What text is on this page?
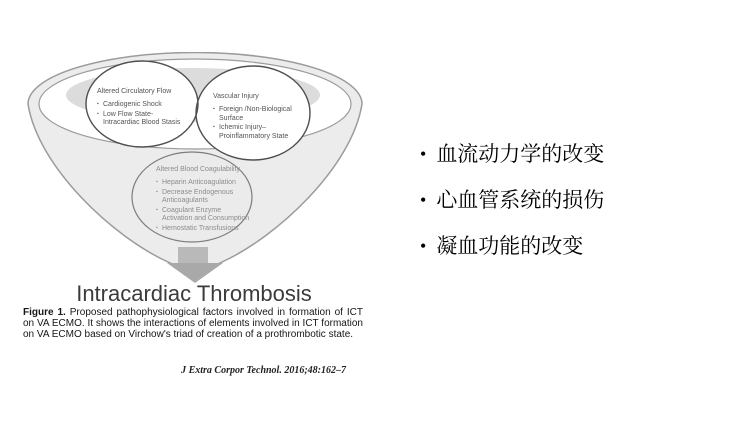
Altered Circulatory Flow
▪ Cardiogenic Shock
▪ Low Flow State-
Intracardiac Blood Stasis
Vascular Injury
▪ Foreign /Non-Biological
Surface
▪ Ichemic Injury–
Proinflammatory State
Altered Blood Coagulability
▪ Heparin Anticoagulation
▪ Decrease Endogenous
Anticoagulants
▪ Coagulant Enzyme
Activation and Consumption
▪ Hemostatic Transfusions
Intracardiac Thrombosis

Figure 1. Proposed pathophysiological factors involved in formation of ICT on VA ECMO. It shows the interactions of elements involved in ICT formation on VA ECMO based on Virchow's triad of creation of a prothrombotic state.

J Extra Corpor Technol. 2016;48:162–7
• 血流动力学的改变
• 心血管系统的损伤
• 凝血功能的改变
